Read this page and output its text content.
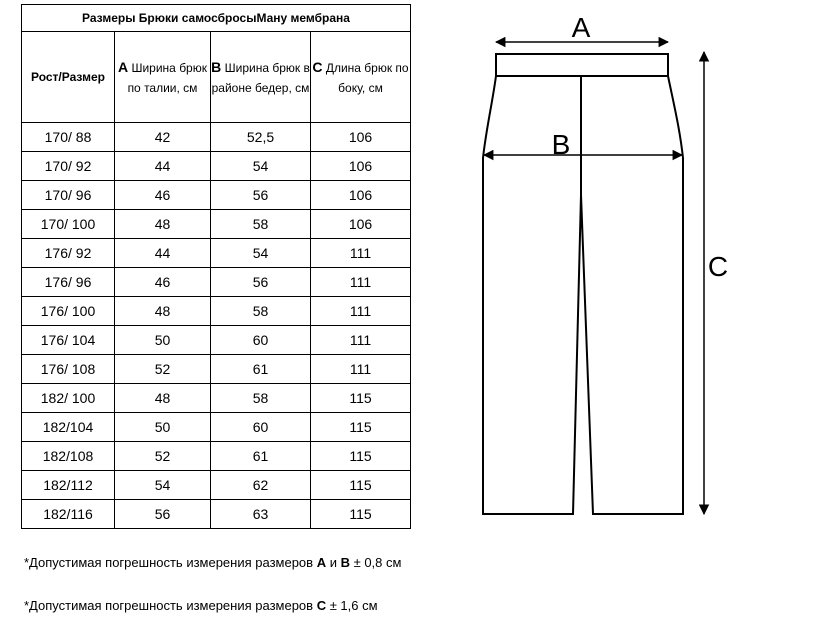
Размеры Брюки самосбросыМану мембрана			
Рост/Размер	А Ширина брюк по талии, см	В Ширина брюк в районе бедер, см	С Длина брюк по боку, см
170/ 88	42	52,5	106
170/ 92	44	54	106
170/ 96	46	56	106
170/ 100	48	58	106
176/ 92	44	54	111
176/ 96	46	56	111
176/ 100	48	58	111
176/ 104	50	60	111
176/ 108	52	61	111
182/ 100	48	58	115
182/104	50	60	115
182/108	52	61	115
182/112	54	62	115
182/116	56	63	115
A
B
C
*Допустимая погрешность измерения размеров А и В ± 0,8 см
*Допустимая погрешность измерения размеров С ± 1,6 см
